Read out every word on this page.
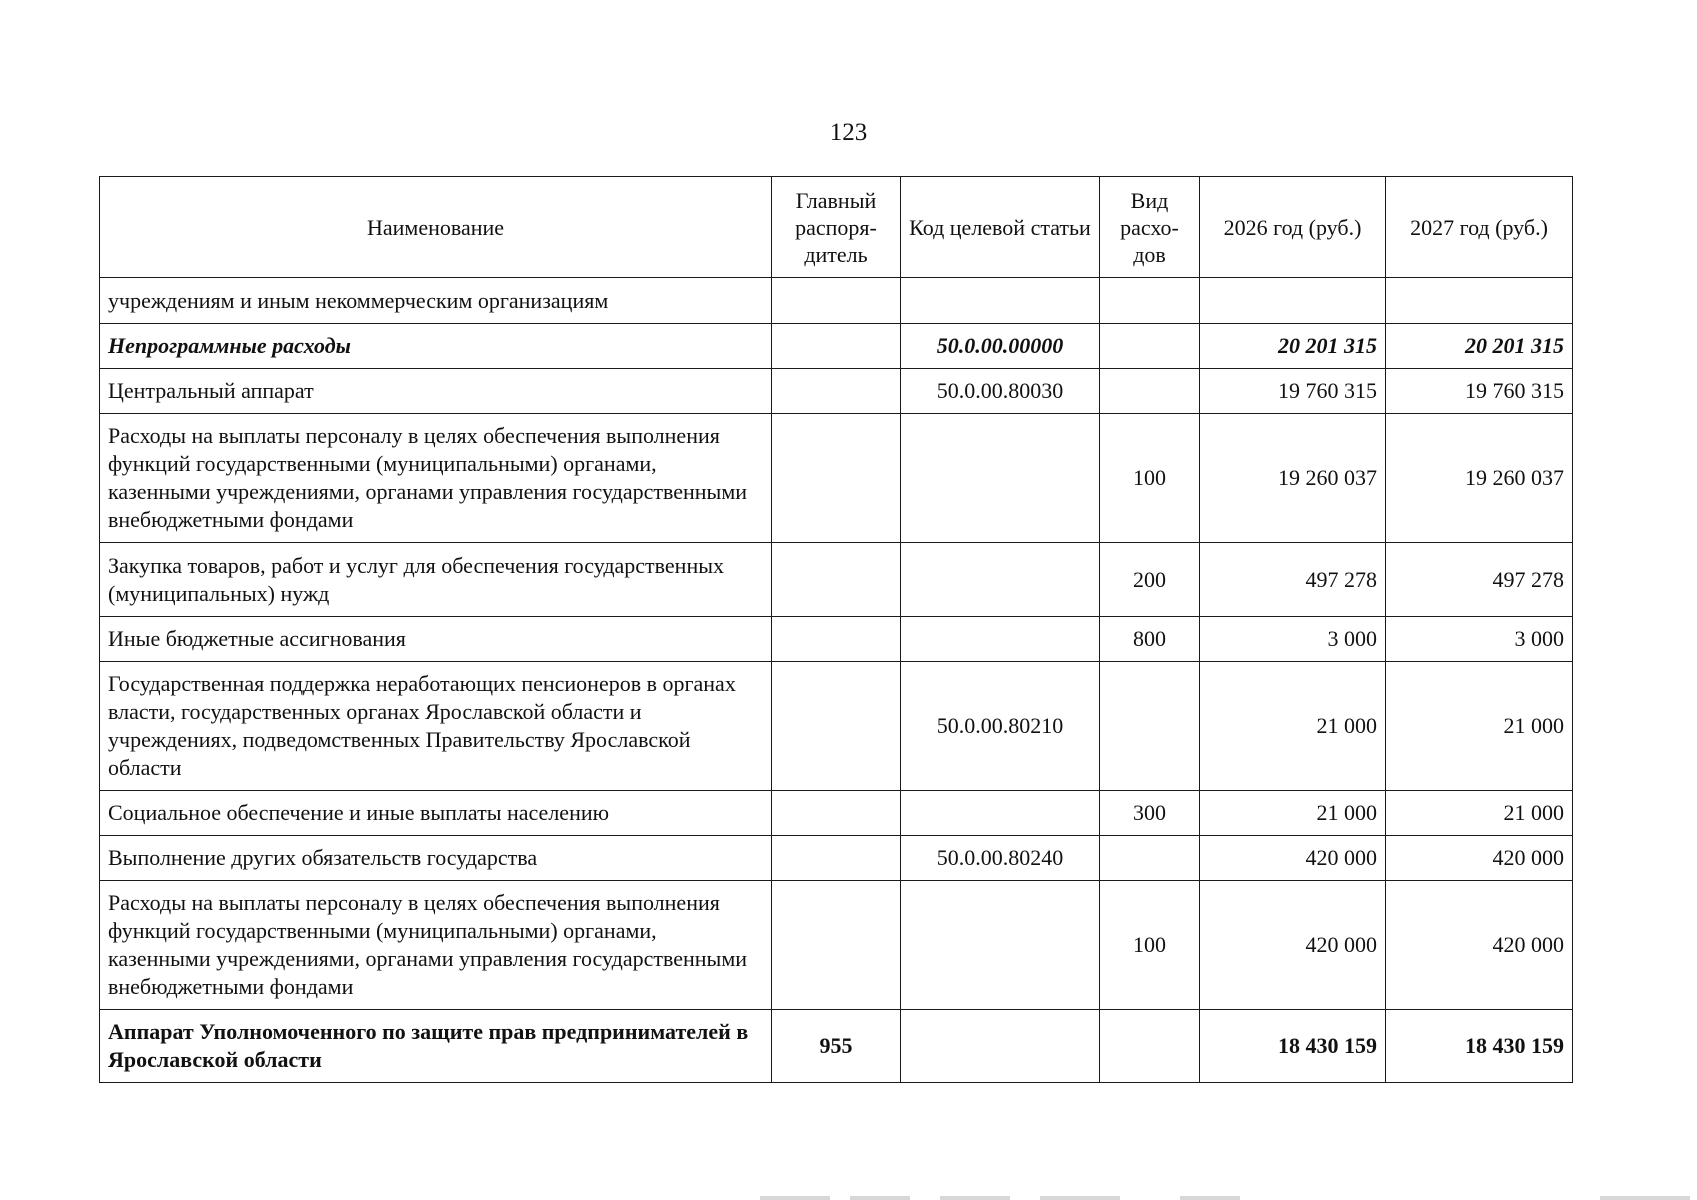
123
Наименование	Главный распоря-дитель	Код целевой статьи	Вид расхо-дов	2026 год (руб.)	2027 год (руб.)
учреждениям и иным некоммерческим организациям					
Непрограммные расходы		50.0.00.00000		20 201 315	20 201 315
Центральный аппарат		50.0.00.80030		19 760 315	19 760 315
Расходы на выплаты персоналу в целях обеспечения выполнения функций государственными (муниципальными) органами, казенными учреждениями, органами управления государственными внебюджетными фондами			100	19 260 037	19 260 037
Закупка товаров, работ и услуг для обеспечения государственных (муниципальных) нужд			200	497 278	497 278
Иные бюджетные ассигнования			800	3 000	3 000
Государственная поддержка неработающих пенсионеров в органах власти, государственных органах Ярославской области и учреждениях, подведомственных Правительству Ярославской области		50.0.00.80210		21 000	21 000
Социальное обеспечение и иные выплаты населению			300	21 000	21 000
Выполнение других обязательств государства		50.0.00.80240		420 000	420 000
Расходы на выплаты персоналу в целях обеспечения выполнения функций государственными (муниципальными) органами, казенными учреждениями, органами управления государственными внебюджетными фондами			100	420 000	420 000
Аппарат Уполномоченного по защите прав предпринимателей в Ярославской области	955			18 430 159	18 430 159
